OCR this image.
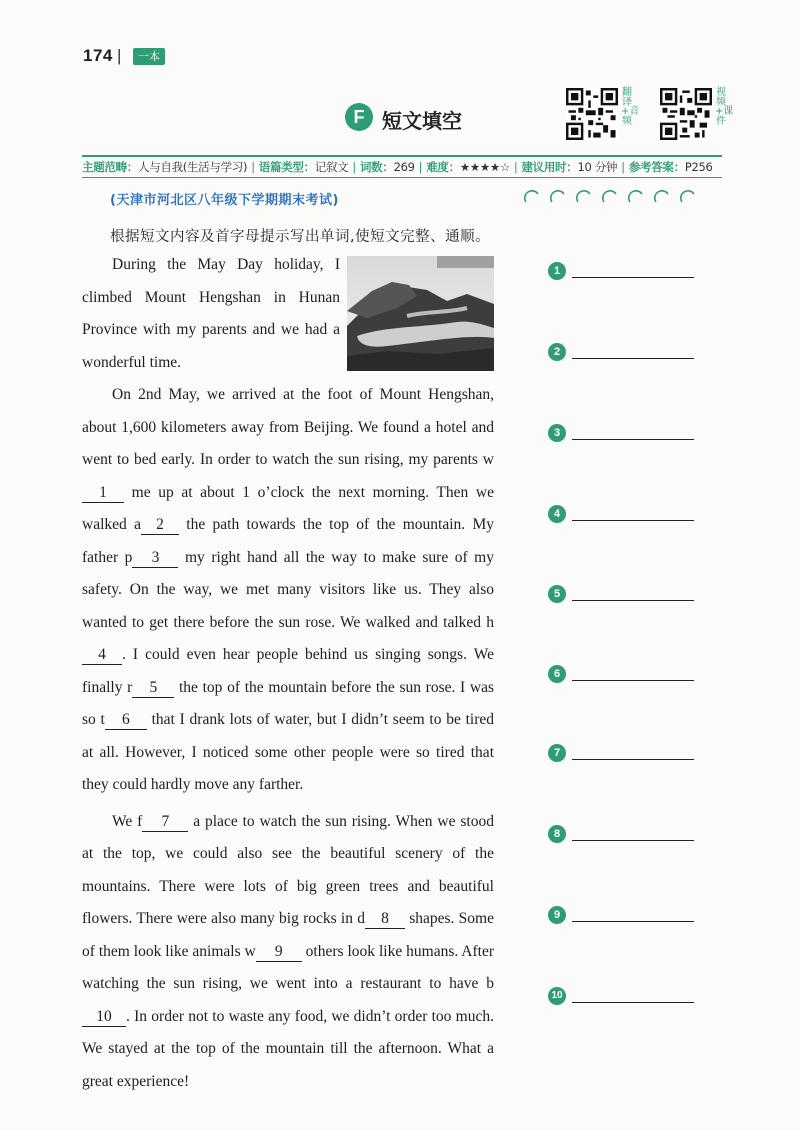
174 |	一本
F 短文填空
翻译+音频
视频+课件
主题范畴：人与自我(生活与学习) | 语篇类型：记叙文 | 词数：269 | 难度：★★★★☆ | 建议用时：10 分钟 | 参考答案：P256
(天津市河北区八年级下学期期末考试)
根据短文内容及首字母提示写出单词,使短文完整、通顺。

During the May Day holiday, I climbed Mount Hengshan in Hunan Province with my parents and we had a wonderful time.

On 2nd May, we arrived at the foot of Mount Hengshan, about 1,600 kilometers away from Beijing. We found a hotel and went to bed early. In order to watch the sun rising, my parents w1 me up at about 1 o’clock the next morning. Then we walked a 2 the path towards the top of the mountain. My father p 3 my right hand all the way to make sure of my safety. On the way, we met many visitors like us. They also wanted to get there before the sun rose. We walked and talked h4 . I could even hear people behind us singing songs. We finally r 5 the top of the mountain before the sun rose. I was so t 6 that I drank lots of water, but I didn’t seem to be tired at all. However, I noticed some other people were so tired that they could hardly move any farther.

We f 7 a place to watch the sun rising. When we stood at the top, we could also see the beautiful scenery of the mountains. There were lots of big green trees and beautiful flowers. There were also many big rocks in d 8 shapes. Some of them look like animals w 9 others look like humans. After watching the sun rising, we went into a restaurant to have b10 . In order not to waste any food, we didn’t order too much. We stayed at the top of the mountain till the afternoon. What a great experience!

1
2
3
4
5
6
7
8
9
10
